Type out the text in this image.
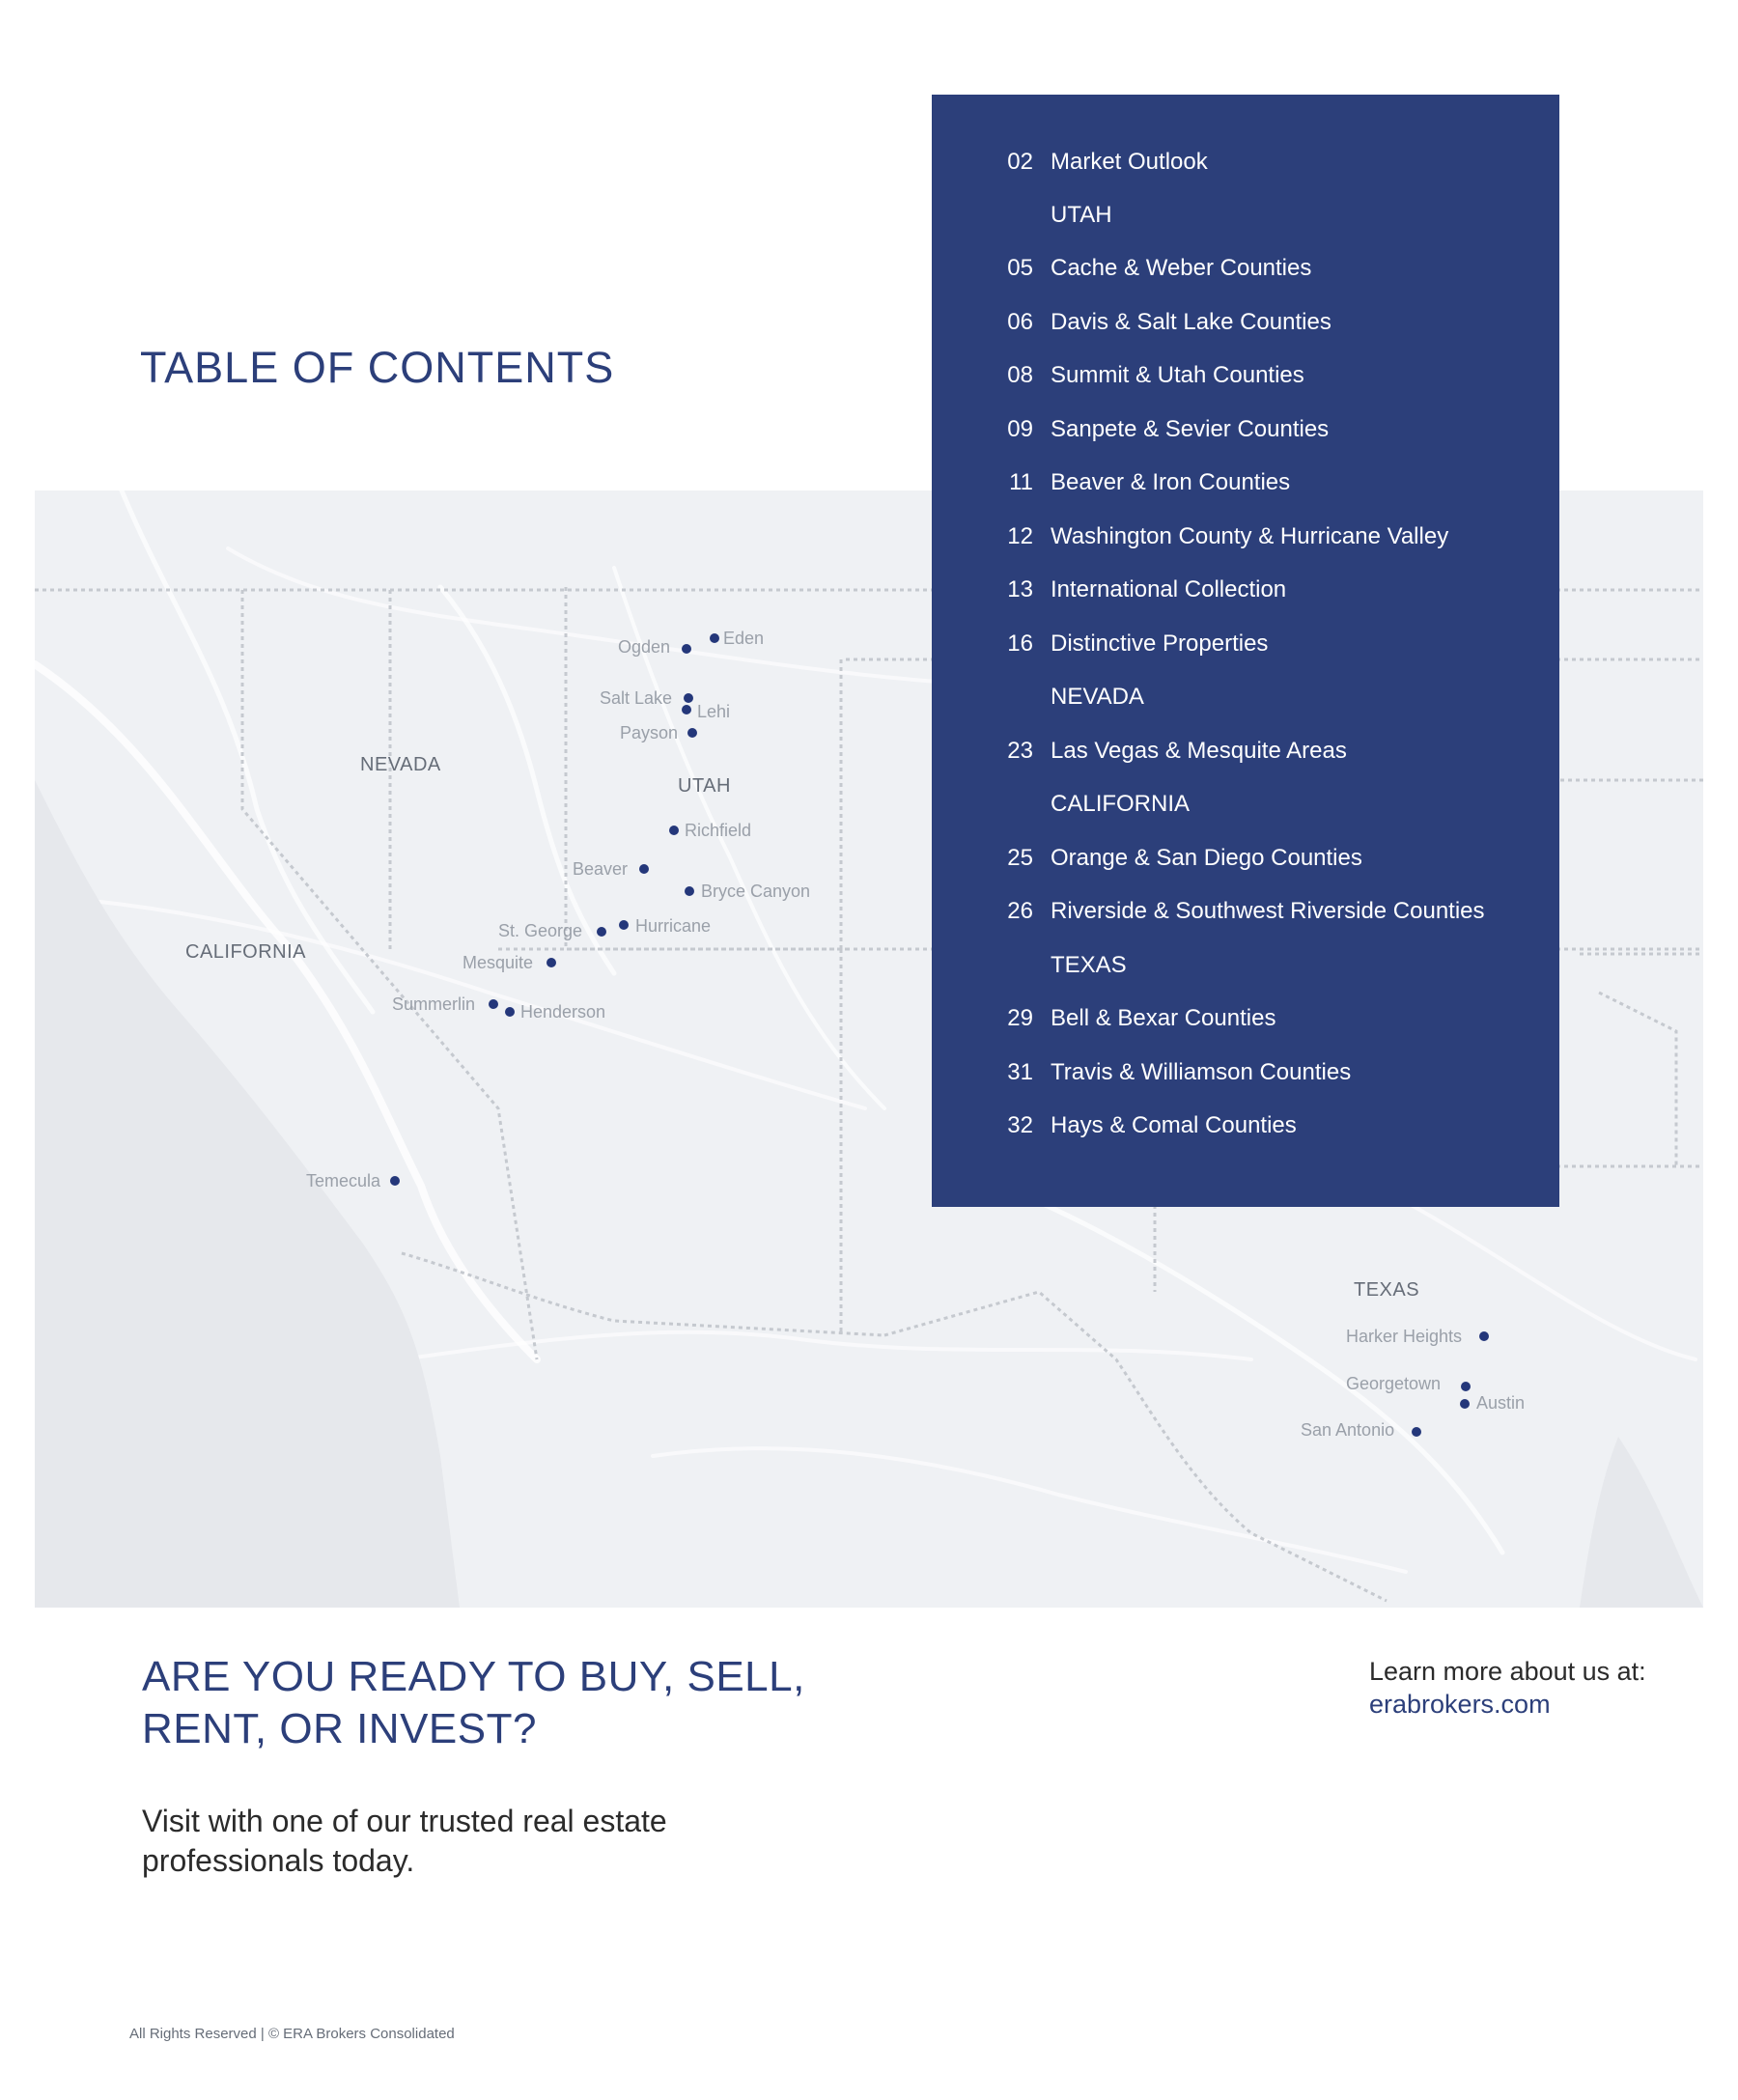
TABLE OF CONTENTS
NEVADA
UTAH
CALIFORNIA
TEXAS
Ogden	Eden
Salt Lake
Lehi
Payson
Richfield
Beaver
Bryce Canyon
St. George	Hurricane
Mesquite
Summerlin	Henderson
Temecula
Harker Heights
Georgetown
Austin
San Antonio
02 Market Outlook
UTAH
05 Cache & Weber Counties
06 Davis & Salt Lake Counties
08 Summit & Utah Counties
09 Sanpete & Sevier Counties
11 Beaver & Iron Counties
12 Washington County & Hurricane Valley
13 International Collection
16 Distinctive Properties
NEVADA
23 Las Vegas & Mesquite Areas
CALIFORNIA
25 Orange & San Diego Counties
26 Riverside & Southwest Riverside Counties
TEXAS
29 Bell & Bexar Counties
31 Travis & Williamson Counties
32 Hays & Comal Counties
ARE YOU READY TO BUY, SELL,
RENT, OR INVEST?

Visit with one of our trusted real estate
professionals today.

Learn more about us at:
erabrokers.com
All Rights Reserved | © ERA Brokers Consolidated
